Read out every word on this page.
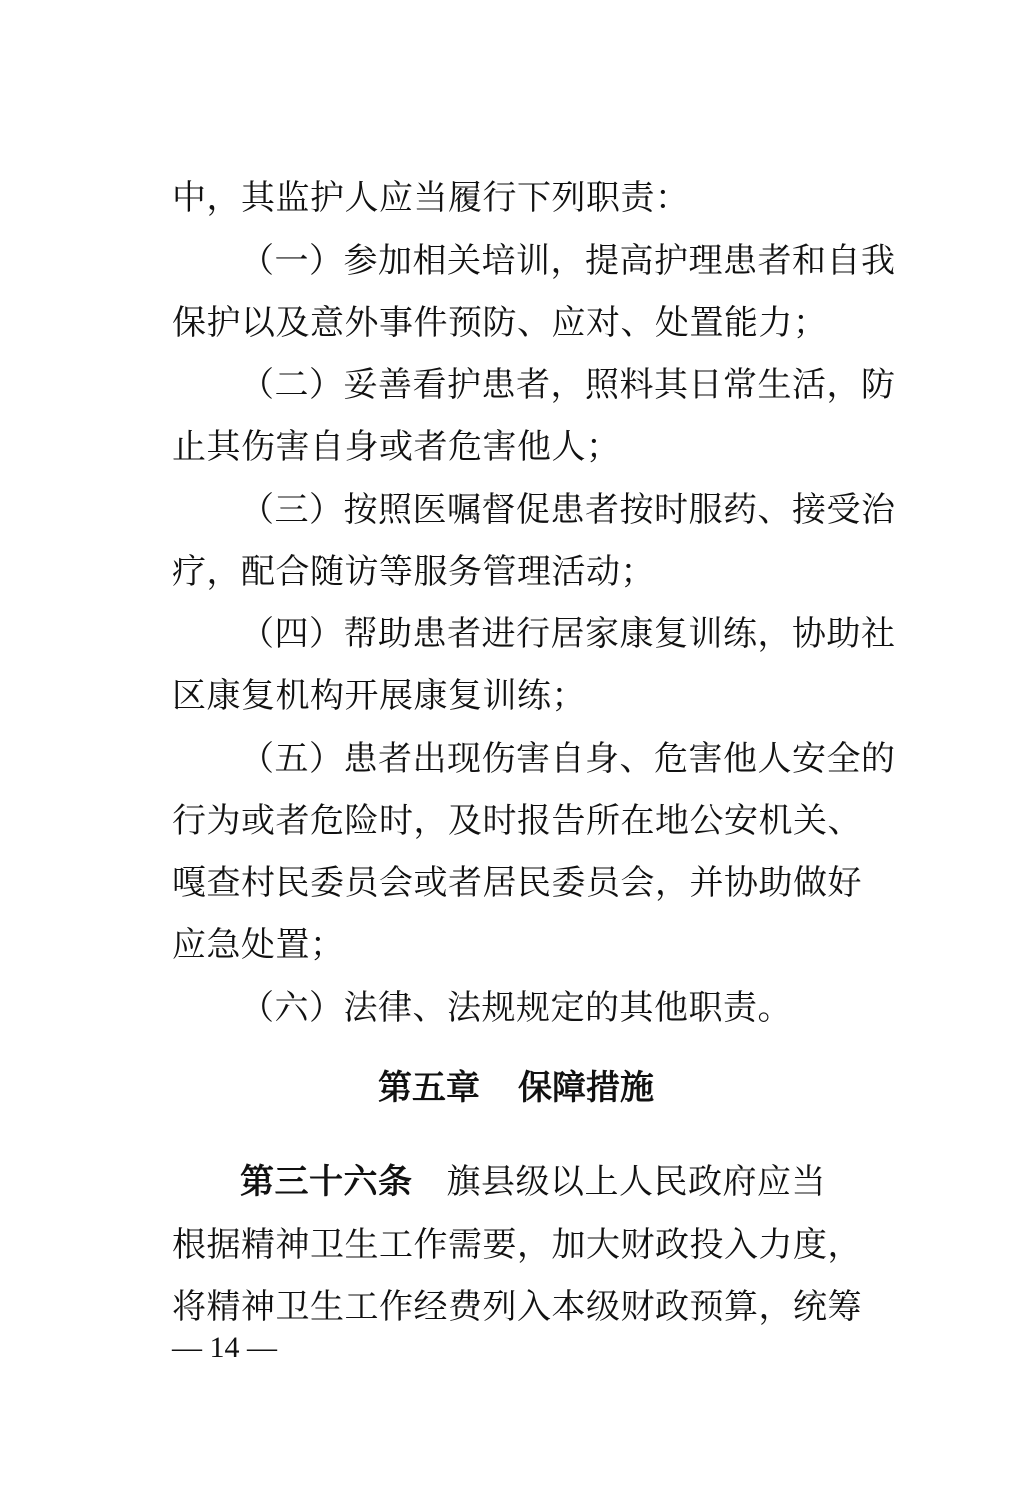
中，其监护人应当履行下列职责：
（一）参加相关培训，提高护理患者和自我
保护以及意外事件预防、应对、处置能力；
（二）妥善看护患者，照料其日常生活，防
止其伤害自身或者危害他人；
（三）按照医嘱督促患者按时服药、接受治
疗，配合随访等服务管理活动；
（四）帮助患者进行居家康复训练，协助社
区康复机构开展康复训练；
（五）患者出现伤害自身、危害他人安全的
行为或者危险时，及时报告所在地公安机关、
嘎查村民委员会或者居民委员会，并协助做好
应急处置；
（六）法律、法规规定的其他职责。
第五章 保障措施
第三十六条 旗县级以上人民政府应当
根据精神卫生工作需要，加大财政投入力度，
将精神卫生工作经费列入本级财政预算，统筹
— 14 —
